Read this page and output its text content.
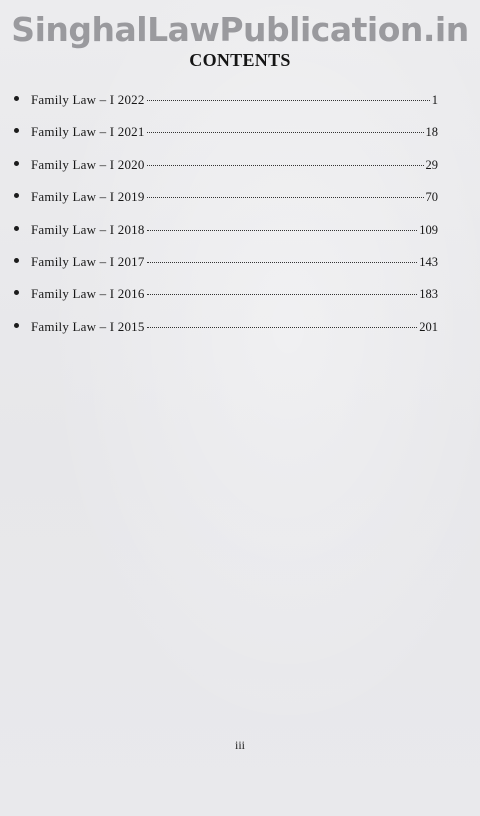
SinghalLawPublication.in
CONTENTS
Family Law – I 2022	1
Family Law – I 2021	18
Family Law – I 2020	29
Family Law – I 2019	70
Family Law – I 2018	109
Family Law – I 2017	143
Family Law – I 2016	183
Family Law – I 2015	201
iii
